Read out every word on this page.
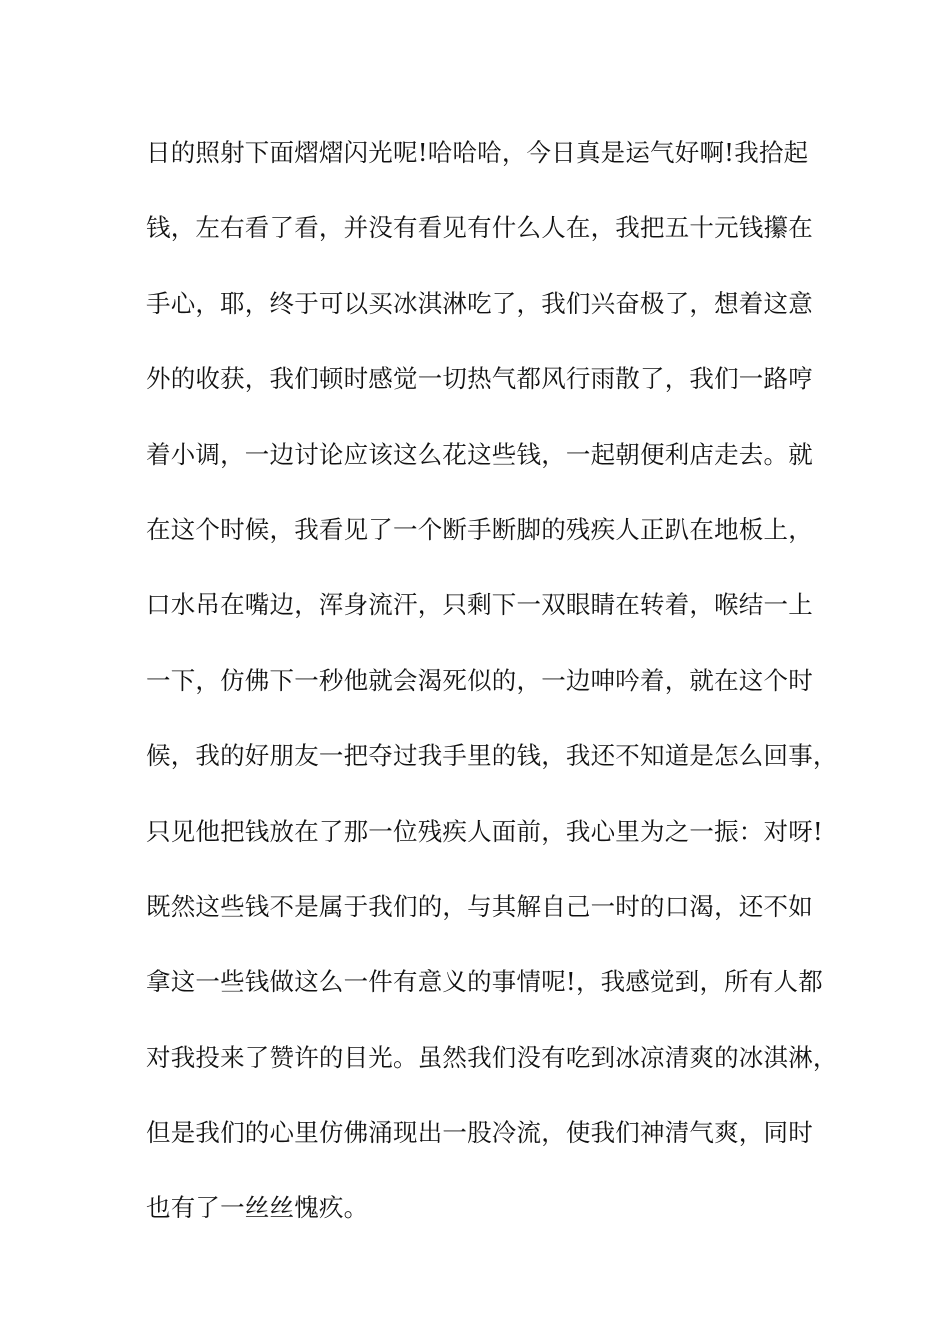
日的照射下面熠熠闪光呢!哈哈哈，今日真是运气好啊!我拾起
钱，左右看了看，并没有看见有什么人在，我把五十元钱攥在
手心，耶，终于可以买冰淇淋吃了，我们兴奋极了，想着这意
外的收获，我们顿时感觉一切热气都风行雨散了，我们一路哼
着小调，一边讨论应该这么花这些钱，一起朝便利店走去。就
在这个时候，我看见了一个断手断脚的残疾人正趴在地板上，
口水吊在嘴边，浑身流汗，只剩下一双眼睛在转着，喉结一上
一下，仿佛下一秒他就会渴死似的，一边呻吟着，就在这个时
候，我的好朋友一把夺过我手里的钱，我还不知道是怎么回事，
只见他把钱放在了那一位残疾人面前，我心里为之一振：对呀!
既然这些钱不是属于我们的，与其解自己一时的口渴，还不如
拿这一些钱做这么一件有意义的事情呢!，我感觉到，所有人都
对我投来了赞许的目光。虽然我们没有吃到冰凉清爽的冰淇淋，
但是我们的心里仿佛涌现出一股冷流，使我们神清气爽，同时
也有了一丝丝愧疚。
